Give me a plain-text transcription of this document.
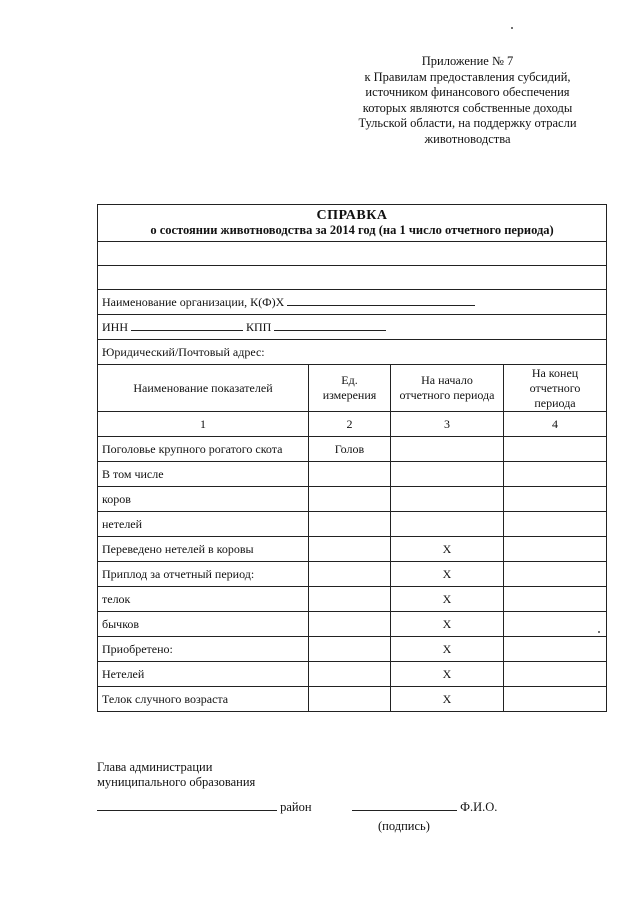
Приложение № 7
к Правилам предоставления субсидий,
источником финансового обеспечения
которых являются собственные доходы
Тульской области, на поддержку отрасли
животноводства
СПРАВКА
о состоянии животноводства за 2014 год (на 1 число отчетного периода)			

Наименование организации, К(Ф)Х			
ИНН КПП			
Юридический/Почтовый адрес:			
Наименование показателей	Ед. измерения	На начало отчетного периода	На конец отчетного периода
1	2	3	4
Поголовье крупного рогатого скота	Голов		
В том числе			
коров			
нетелей			
Переведено нетелей в коровы		X	
Приплод за отчетный период:		X	
телок		X	
бычков		X	
Приобретено:		X	
Нетелей		X	
Телок случного возраста		X	
Глава администрации
муниципального образования
район	Ф.И.О.
(подпись)
